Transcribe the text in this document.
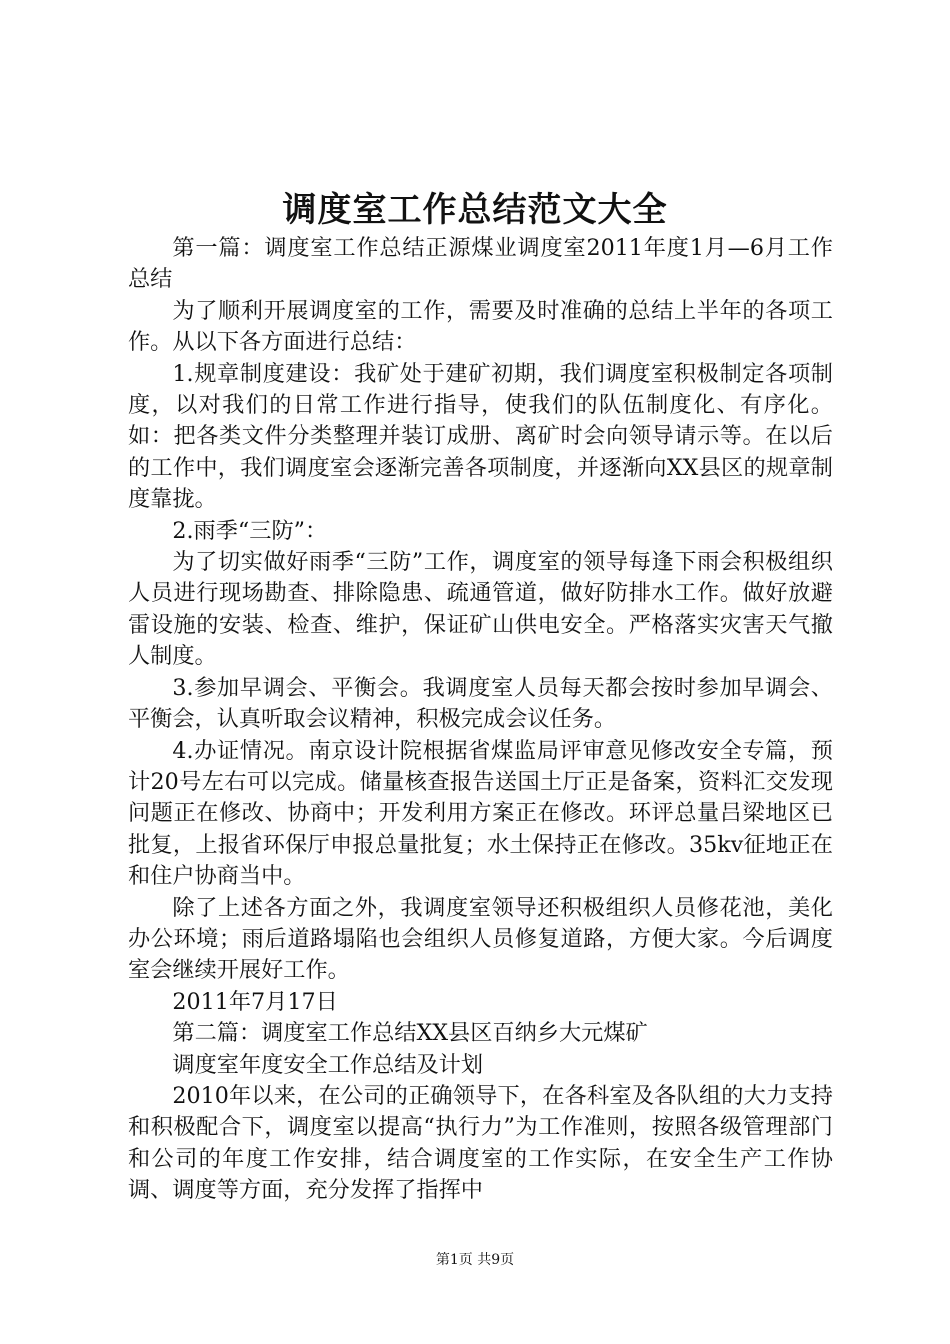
调度室工作总结范文大全

第一篇：调度室工作总结正源煤业调度室2011年度1月—6月工作总结

为了顺利开展调度室的工作，需要及时准确的总结上半年的各项工作。从以下各方面进行总结：

1.规章制度建设：我矿处于建矿初期，我们调度室积极制定各项制度，以对我们的日常工作进行指导，使我们的队伍制度化、有序化。如：把各类文件分类整理并装订成册、离矿时会向领导请示等。在以后的工作中，我们调度室会逐渐完善各项制度，并逐渐向XX县区的规章制度靠拢。

2.雨季“三防”：

为了切实做好雨季“三防”工作，调度室的领导每逢下雨会积极组织人员进行现场勘查、排除隐患、疏通管道，做好防排水工作。做好放避雷设施的安装、检查、维护，保证矿山供电安全。严格落实灾害天气撤人制度。

3.参加早调会、平衡会。我调度室人员每天都会按时参加早调会、平衡会，认真听取会议精神，积极完成会议任务。

4.办证情况。南京设计院根据省煤监局评审意见修改安全专篇，预计20号左右可以完成。储量核查报告送国土厅正是备案，资料汇交发现问题正在修改、协商中；开发利用方案正在修改。环评总量吕梁地区已批复，上报省环保厅申报总量批复；水土保持正在修改。35kv征地正在和住户协商当中。

除了上述各方面之外，我调度室领导还积极组织人员修花池，美化办公环境；雨后道路塌陷也会组织人员修复道路，方便大家。今后调度室会继续开展好工作。

2011年7月17日

第二篇：调度室工作总结XX县区百纳乡大元煤矿

调度室年度安全工作总结及计划

2010年以来，在公司的正确领导下，在各科室及各队组的大力支持和积极配合下，调度室以提高“执行力”为工作准则，按照各级管理部门和公司的年度工作安排，结合调度室的工作实际，在安全生产工作协调、调度等方面，充分发挥了指挥中

第1页 共9页
